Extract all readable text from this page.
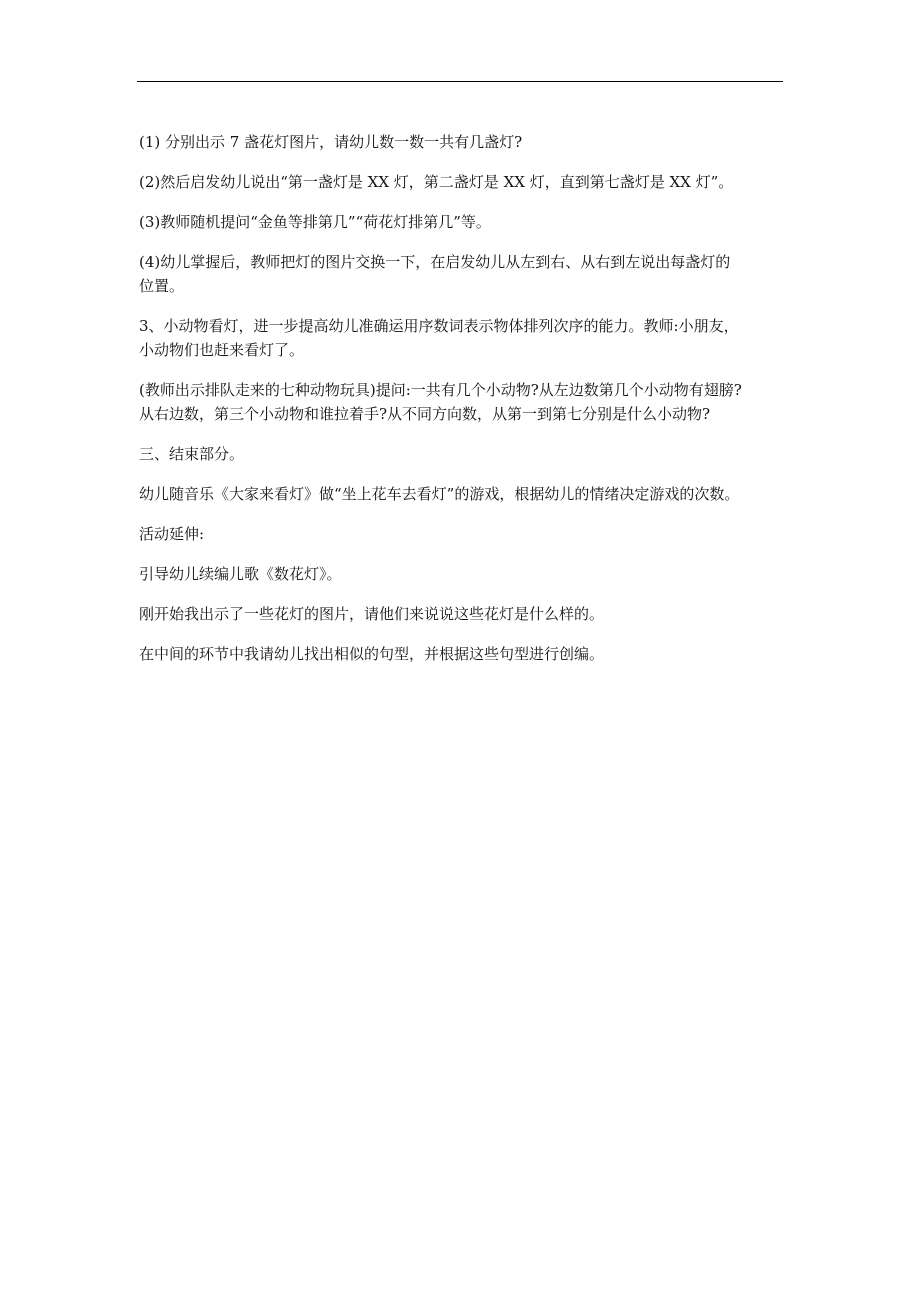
(1) 分别出示 7 盏花灯图片，请幼儿数一数一共有几盏灯?

(2)然后启发幼儿说出“第一盏灯是 XX 灯，第二盏灯是 XX 灯，直到第七盏灯是 XX 灯”。

(3)教师随机提问“金鱼等排第几”“荷花灯排第几”等。

(4)幼儿掌握后，教师把灯的图片交换一下，在启发幼儿从左到右、从右到左说出每盏灯的
位置。

3、小动物看灯，进一步提高幼儿准确运用序数词表示物体排列次序的能力。教师:小朋友，
小动物们也赶来看灯了。

(教师出示排队走来的七种动物玩具)提问:一共有几个小动物?从左边数第几个小动物有翅膀?
从右边数，第三个小动物和谁拉着手?从不同方向数，从第一到第七分别是什么小动物?

三、结束部分。

幼儿随音乐《大家来看灯》做“坐上花车去看灯”的游戏，根据幼儿的情绪决定游戏的次数。

活动延伸:

引导幼儿续编儿歌《数花灯》。

刚开始我出示了一些花灯的图片，请他们来说说这些花灯是什么样的。

在中间的环节中我请幼儿找出相似的句型，并根据这些句型进行创编。
